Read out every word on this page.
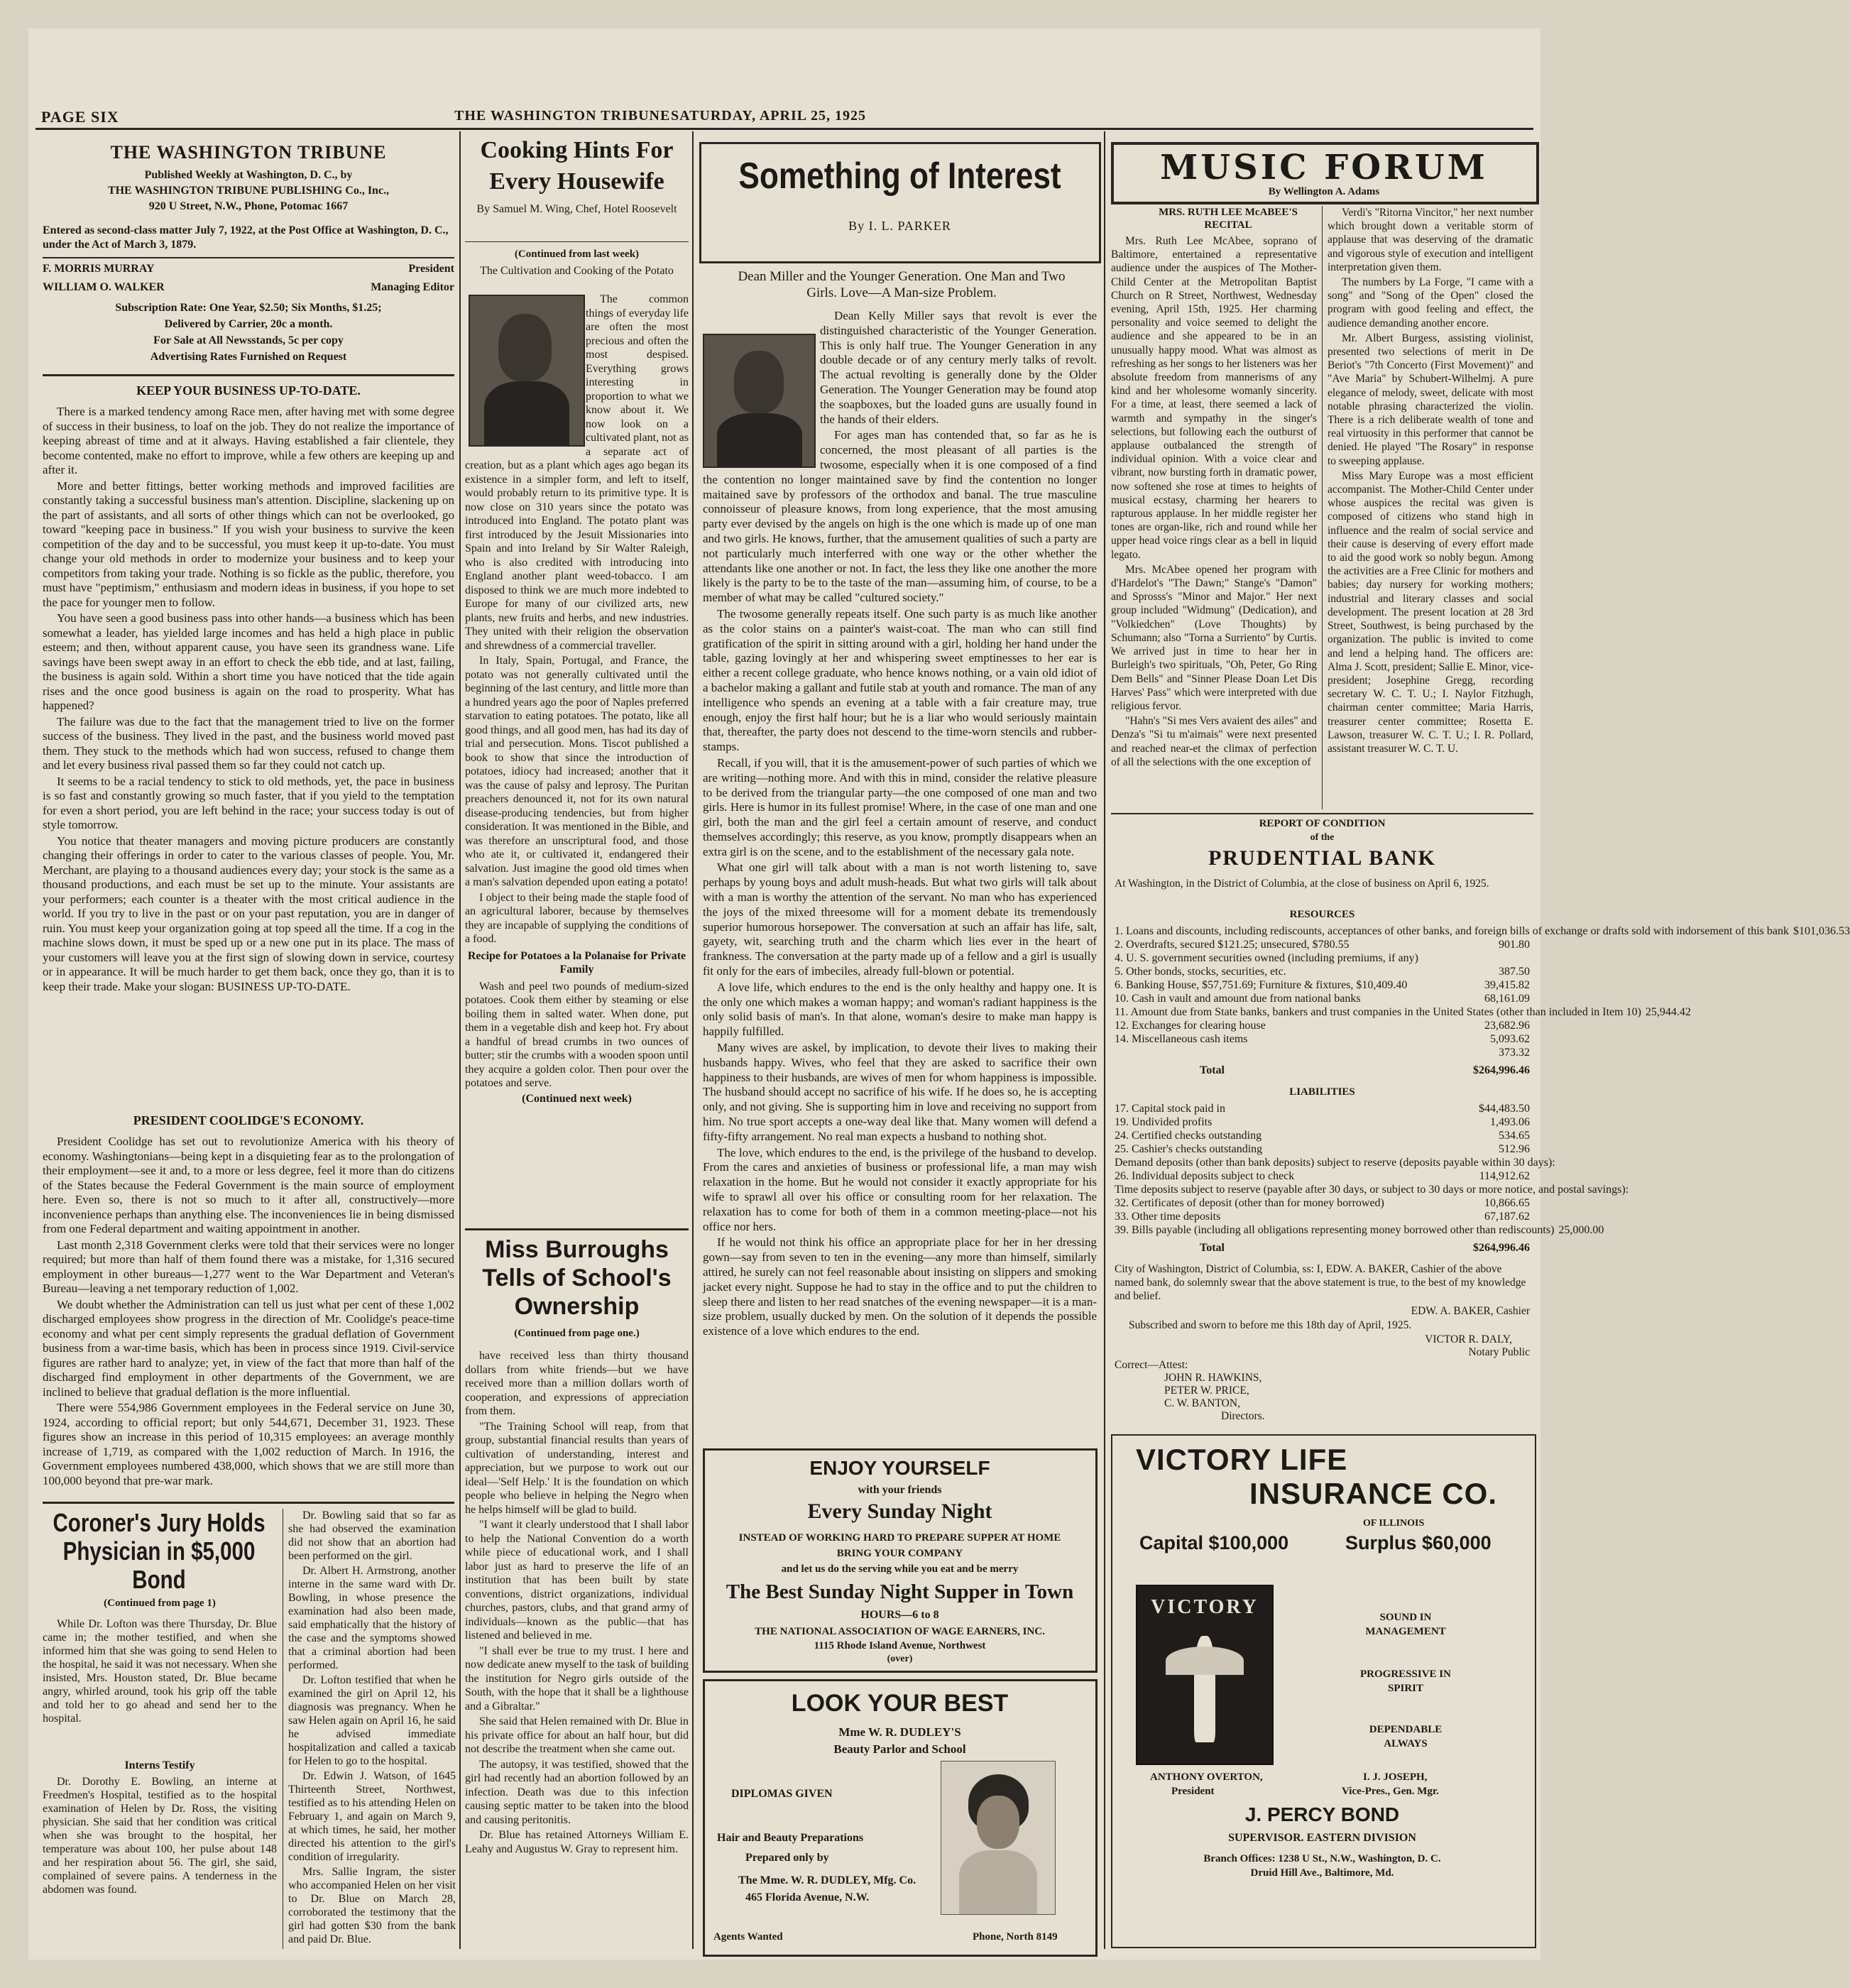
PAGE SIX	THE WASHINGTON TRIBUNE SATURDAY, APRIL 25, 1925
THE WASHINGTON TRIBUNE
Published Weekly at Washington, D. C., by
THE WASHINGTON TRIBUNE PUBLISHING Co., Inc.,
920 U Street, N.W., Phone, Potomac 1667
Entered as second-class matter July 7, 1922, at the Post Office at Washington, D. C., under the Act of March 3, 1879.
F. MORRIS MURRAY	President
WILLIAM O. WALKER	Managing Editor
Subscription Rate: One Year, $2.50; Six Months, $1.25;
Delivered by Carrier, 20c a month.
For Sale at All Newsstands, 5c per copy
Advertising Rates Furnished on Request
KEEP YOUR BUSINESS UP-TO-DATE.

There is a marked tendency among Race men, after having met with some degree of success in their business, to loaf on the job. They do not realize the importance of keeping abreast of time and at it always. Having established a fair clientele, they become contented, make no effort to improve, while a few others are keeping up and after it.

More and better fittings, better working methods and improved facilities are constantly taking a successful business man's attention. Discipline, slackening up on the part of assistants, and all sorts of other things which can not be overlooked, go toward "keeping pace in business." If you wish your business to survive the keen competition of the day and to be successful, you must keep it up-to-date. You must change your old methods in order to modernize your business and to keep your competitors from taking your trade. Nothing is so fickle as the public, therefore, you must have "peptimism," enthusiasm and modern ideas in business, if you hope to set the pace for younger men to follow.

You have seen a good business pass into other hands—a business which has been somewhat a leader, has yielded large incomes and has held a high place in public esteem; and then, without apparent cause, you have seen its grandness wane. Life savings have been swept away in an effort to check the ebb tide, and at last, failing, the business is again sold. Within a short time you have noticed that the tide again rises and the once good business is again on the road to prosperity. What has happened?

The failure was due to the fact that the management tried to live on the former success of the business. They lived in the past, and the business world moved past them. They stuck to the methods which had won success, refused to change them and let every business rival passed them so far they could not catch up.

It seems to be a racial tendency to stick to old methods, yet, the pace in business is so fast and constantly growing so much faster, that if you yield to the temptation for even a short period, you are left behind in the race; your success today is out of style tomorrow.

You notice that theater managers and moving picture producers are constantly changing their offerings in order to cater to the various classes of people. You, Mr. Merchant, are playing to a thousand audiences every day; your stock is the same as a thousand productions, and each must be set up to the minute. Your assistants are your performers; each counter is a theater with the most critical audience in the world. If you try to live in the past or on your past reputation, you are in danger of ruin. You must keep your organization going at top speed all the time. If a cog in the machine slows down, it must be sped up or a new one put in its place. The mass of your customers will leave you at the first sign of slowing down in service, courtesy or in appearance. It will be much harder to get them back, once they go, than it is to keep their trade. Make your slogan: BUSINESS UP-TO-DATE.

PRESIDENT COOLIDGE'S ECONOMY.

President Coolidge has set out to revolutionize America with his theory of economy. Washingtonians—being kept in a disquieting fear as to the prolongation of their employment—see it and, to a more or less degree, feel it more than do citizens of the States because the Federal Government is the main source of employment here. Even so, there is not so much to it after all, constructively—more inconvenience perhaps than anything else. The inconveniences lie in being dismissed from one Federal department and waiting appointment in another.

Last month 2,318 Government clerks were told that their services were no longer required; but more than half of them found there was a mistake, for 1,316 secured employment in other bureaus—1,277 went to the War Department and Veteran's Bureau—leaving a net temporary reduction of 1,002.

We doubt whether the Administration can tell us just what per cent of these 1,002 discharged employees show progress in the direction of Mr. Coolidge's peace-time economy and what per cent simply represents the gradual deflation of Government business from a war-time basis, which has been in process since 1919. Civil-service figures are rather hard to analyze; yet, in view of the fact that more than half of the discharged find employment in other departments of the Government, we are inclined to believe that gradual deflation is the more influential.

There were 554,986 Government employees in the Federal service on June 30, 1924, according to official report; but only 544,671, December 31, 1923. These figures show an increase in this period of 10,315 employees: an average monthly increase of 1,719, as compared with the 1,002 reduction of March. In 1916, the Government employees numbered 438,000, which shows that we are still more than 100,000 beyond that pre-war mark.

Coroner's Jury Holds Physician in $5,000 Bond
(Continued from page 1)

While Dr. Lofton was there Thursday, Dr. Blue came in; the mother testified, and when she informed him that she was going to send Helen to the hospital, he said it was not necessary. When she insisted, Mrs. Houston stated, Dr. Blue became angry, whirled around, took his grip off the table and told her to go ahead and send her to the hospital.

Interns Testify

Dr. Dorothy E. Bowling, an interne at Freedmen's Hospital, testified as to the hospital examination of Helen by Dr. Ross, the visiting physician. She said that her condition was critical when she was brought to the hospital, her temperature was about 100, her pulse about 148 and her respiration about 56. The girl, she said, complained of severe pains. A tenderness in the abdomen was found.

Dr. Bowling said that so far as she had observed the examination did not show that an abortion had been performed on the girl.

Dr. Albert H. Armstrong, another interne in the same ward with Dr. Bowling, in whose presence the examination had also been made, said emphatically that the history of the case and the symptoms showed that a criminal abortion had been performed.

Dr. Lofton testified that when he examined the girl on April 12, his diagnosis was pregnancy. When he saw Helen again on April 16, he said he advised immediate hospitalization and called a taxicab for Helen to go to the hospital.

Dr. Edwin J. Watson, of 1645 Thirteenth Street, Northwest, testified as to his attending Helen on February 1, and again on March 9, at which times, he said, her mother directed his attention to the girl's condition of irregularity.

Mrs. Sallie Ingram, the sister who accompanied Helen on her visit to Dr. Blue on March 28, corroborated the testimony that the girl had gotten $30 from the bank and paid Dr. Blue.

Cooking Hints For Every Housewife
By Samuel M. Wing, Chef, Hotel Roosevelt
(Continued from last week)
The Cultivation and Cooking of the Potato

The common things of everyday life are often the most precious and often the most despised. Everything grows interesting in proportion to what we know about it. We now look on a cultivated plant, not as a separate act of creation, but as a plant which ages ago began its existence in a simpler form, and left to itself, would probably return to its primitive type. It is now close on 310 years since the potato was introduced into England. The potato plant was first introduced by the Jesuit Missionaries into Spain and into Ireland by Sir Walter Raleigh, who is also credited with introducing into England another plant weed-tobacco. I am disposed to think we are much more indebted to Europe for many of our civilized arts, new plants, new fruits and herbs, and new industries. They united with their religion the observation and shrewdness of a commercial traveller.

In Italy, Spain, Portugal, and France, the potato was not generally cultivated until the beginning of the last century, and little more than a hundred years ago the poor of Naples preferred starvation to eating potatoes. The potato, like all good things, and all good men, has had its day of trial and persecution. Mons. Tiscot published a book to show that since the introduction of potatoes, idiocy had increased; another that it was the cause of palsy and leprosy. The Puritan preachers denounced it, not for its own natural disease-producing tendencies, but from higher consideration. It was mentioned in the Bible, and was therefore an unscriptural food, and those who ate it, or cultivated it, endangered their salvation. Just imagine the good old times when a man's salvation depended upon eating a potato!

I object to their being made the staple food of an agricultural laborer, because by themselves they are incapable of supplying the conditions of a food.

Recipe for Potatoes a la Polanaise for Private Family

Wash and peel two pounds of medium-sized potatoes. Cook them either by steaming or else boiling them in salted water. When done, put them in a vegetable dish and keep hot. Fry about a handful of bread crumbs in two ounces of butter; stir the crumbs with a wooden spoon until they acquire a golden color. Then pour over the potatoes and serve.

(Continued next week)
Miss Burroughs Tells of School's Ownership
(Continued from page one.)

have received less than thirty thousand dollars from white friends—but we have received more than a million dollars worth of cooperation, and expressions of appreciation from them.

"The Training School will reap, from that group, substantial financial results than years of cultivation of understanding, interest and appreciation, but we purpose to work out our ideal—'Self Help.' It is the foundation on which people who believe in helping the Negro when he helps himself will be glad to build.

"I want it clearly understood that I shall labor to help the National Convention do a worth while piece of educational work, and I shall labor just as hard to preserve the life of an institution that has been built by state conventions, district organizations, individual churches, pastors, clubs, and that grand army of individuals—known as the public—that has listened and believed in me.

"I shall ever be true to my trust. I here and now dedicate anew myself to the task of building the institution for Negro girls outside of the South, with the hope that it shall be a lighthouse and a Gibraltar."

She said that Helen remained with Dr. Blue in his private office for about an half hour, but did not describe the treatment when she came out.

The autopsy, it was testified, showed that the girl had recently had an abortion followed by an infection. Death was due to this infection causing septic matter to be taken into the blood and causing peritonitis.

Dr. Blue has retained Attorneys William E. Leahy and Augustus W. Gray to represent him.

Something of Interest
By I. L. PARKER
Dean Miller and the Younger Generation. One Man and Two Girls. Love—A Man-size Problem.

Dean Kelly Miller says that revolt is ever the distinguished characteristic of the Younger Generation. This is only half true. The Younger Generation in any double decade or of any century merly talks of revolt. The actual revolting is generally done by the Older Generation. The Younger Generation may be found atop the soapboxes, but the loaded guns are usually found in the hands of their elders.

For ages man has contended that, so far as he is concerned, the most pleasant of all parties is the twosome, especially when it is one composed of a find the contention no longer maintained save by find the contention no longer maitained save by professors of the orthodox and banal. The true masculine connoisseur of pleasure knows, from long experience, that the most amusing party ever devised by the angels on high is the one which is made up of one man and two girls. He knows, further, that the amusement qualities of such a party are not particularly much interferred with one way or the other whether the attendants like one another or not. In fact, the less they like one another the more likely is the party to be to the taste of the man—assuming him, of course, to be a member of what may be called "cultured society."

The twosome generally repeats itself. One such party is as much like another as the color stains on a painter's waist-coat. The man who can still find gratification of the spirit in sitting around with a girl, holding her hand under the table, gazing lovingly at her and whispering sweet emptinesses to her ear is either a recent college graduate, who hence knows nothing, or a vain old idiot of a bachelor making a gallant and futile stab at youth and romance. The man of any intelligence who spends an evening at a table with a fair creature may, true enough, enjoy the first half hour; but he is a liar who would seriously maintain that, thereafter, the party does not descend to the time-worn stencils and rubber-stamps.

Recall, if you will, that it is the amusement-power of such parties of which we are writing—nothing more. And with this in mind, consider the relative pleasure to be derived from the triangular party—the one composed of one man and two girls. Here is humor in its fullest promise! Where, in the case of one man and one girl, both the man and the girl feel a certain amount of reserve, and conduct themselves accordingly; this reserve, as you know, promptly disappears when an extra girl is on the scene, and to the establishment of the necessary gala note.

What one girl will talk about with a man is not worth listening to, save perhaps by young boys and adult mush-heads. But what two girls will talk about with a man is worthy the attention of the servant. No man who has experienced the joys of the mixed threesome will for a moment debate its tremendously superior humorous horsepower. The conversation at such an affair has life, salt, gayety, wit, searching truth and the charm which lies ever in the heart of frankness. The conversation at the party made up of a fellow and a girl is usually fit only for the ears of imbeciles, already full-blown or potential.

A love life, which endures to the end is the only healthy and happy one. It is the only one which makes a woman happy; and woman's radiant happiness is the only solid basis of man's. In that alone, woman's desire to make man happy is happily fulfilled.

Many wives are askel, by implication, to devote their lives to making their husbands happy. Wives, who feel that they are asked to sacrifice their own happiness to their husbands, are wives of men for whom happiness is impossible. The husband should accept no sacrifice of his wife. If he does so, he is accepting only, and not giving. She is supporting him in love and receiving no support from him. No true sport accepts a one-way deal like that. Many women will defend a fifty-fifty arrangement. No real man expects a husband to nothing shot.

The love, which endures to the end, is the privilege of the husband to develop. From the cares and anxieties of business or professional life, a man may wish relaxation in the home. But he would not consider it exactly appropriate for his wife to sprawl all over his office or consulting room for her relaxation. The relaxation has to come for both of them in a common meeting-place—not his office nor hers.

If he would not think his office an appropriate place for her in her dressing gown—say from seven to ten in the evening—any more than himself, similarly attired, he surely can not feel reasonable about insisting on slippers and smoking jacket every night. Suppose he had to stay in the office and to put the children to sleep there and listen to her read snatches of the evening newspaper—it is a man-size problem, usually ducked by men. On the solution of it depends the possible existence of a love which endures to the end.

ENJOY YOURSELF
with your friends
Every Sunday Night
INSTEAD OF WORKING HARD TO PREPARE SUPPER AT HOME
BRING YOUR COMPANY
and let us do the serving while you eat and be merry
The Best Sunday Night Supper in Town
HOURS—6 to 8
THE NATIONAL ASSOCIATION OF WAGE EARNERS, INC.
1115 Rhode Island Avenue, Northwest
(over)
LOOK YOUR BEST
Mme W. R. DUDLEY'S
Beauty Parlor and School
DIPLOMAS GIVEN
Hair and Beauty Preparations
Prepared only by
The Mme. W. R. DUDLEY, Mfg. Co.
465 Florida Avenue, N.W.
Agents Wanted	Phone, North 8149
MUSIC FORUM
By Wellington A. Adams
MRS. RUTH LEE McABEE'S RECITAL

Mrs. Ruth Lee McAbee, soprano of Baltimore, entertained a representative audience under the auspices of The Mother-Child Center at the Metropolitan Baptist Church on R Street, Northwest, Wednesday evening, April 15th, 1925. Her charming personality and voice seemed to delight the audience and she appeared to be in an unusually happy mood. What was almost as refreshing as her songs to her listeners was her absolute freedom from mannerisms of any kind and her wholesome womanly sincerity. For a time, at least, there seemed a lack of warmth and sympathy in the singer's selections, but following each the outburst of applause outbalanced the strength of individual opinion. With a voice clear and vibrant, now bursting forth in dramatic power, now softened she rose at times to heights of musical ecstasy, charming her hearers to rapturous applause. In her middle register her tones are organ-like, rich and round while her upper head voice rings clear as a bell in liquid legato.

Mrs. McAbee opened her program with d'Hardelot's "The Dawn;" Stange's "Damon" and Sprosss's "Minor and Major." Her next group included "Widmung" (Dedication), and "Volkiedchen" (Love Thoughts) by Schumann; also "Torna a Surriento" by Curtis. We arrived just in time to hear her in Burleigh's two spirituals, "Oh, Peter, Go Ring Dem Bells" and "Sinner Please Doan Let Dis Harves' Pass" which were interpreted with due religious fervor.

"Hahn's "Si mes Vers avaient des ailes" and Denza's "Si tu m'aimais" were next presented and reached near-et the climax of perfection of all the selections with the one exception of

Verdi's "Ritorna Vincitor," her next number which brought down a veritable storm of applause that was deserving of the dramatic and vigorous style of execution and intelligent interpretation given them.

The numbers by La Forge, "I came with a song" and "Song of the Open" closed the program with good feeling and effect, the audience demanding another encore.

Mr. Albert Burgess, assisting violinist, presented two selections of merit in De Beriot's "7th Concerto (First Movement)" and "Ave Maria" by Schubert-Wilhelmj. A pure elegance of melody, sweet, delicate with most notable phrasing characterized the violin. There is a rich deliberate wealth of tone and real virtuosity in this performer that cannot be denied. He played "The Rosary" in response to sweeping applause.

Miss Mary Europe was a most efficient accompanist. The Mother-Child Center under whose auspices the recital was given is composed of citizens who stand high in influence and the realm of social service and their cause is deserving of every effort made to aid the good work so nobly begun. Among the activities are a Free Clinic for mothers and babies; day nursery for working mothers; industrial and literary classes and social development. The present location at 28 3rd Street, Southwest, is being purchased by the organization. The public is invited to come and lend a helping hand. The officers are: Alma J. Scott, president; Sallie E. Minor, vice-president; Josephine Gregg, recording secretary W. C. T. U.; I. Naylor Fitzhugh, chairman center committee; Maria Harris, treasurer center committee; Rosetta E. Lawson, treasurer W. C. T. U.; I. R. Pollard, assistant treasurer W. C. T. U.

REPORT OF CONDITION
of the
PRUDENTIAL BANK
At Washington, in the District of Columbia, at the close of business on April 6, 1925.
RESOURCES
1. Loans and discounts, including rediscounts, acceptances of other banks, and foreign bills of exchange or drafts sold with indorsement of this bank $101,036.53
2. Overdrafts, secured $121.25; unsecured, $780.55	901.80
4. U. S. government securities owned (including premiums, if any)
5. Other bonds, stocks, securities, etc.	387.50
6. Banking House, $57,751.69; Furniture & fixtures, $10,409.40	39,415.82
10. Cash in vault and amount due from national banks	68,161.09
11. Amount due from State banks, bankers and trust companies in the United States (other than included in Item 10) 25,944.42
12. Exchanges for clearing house	23,682.96
14. Miscellaneous cash items	5,093.62
373.32
Total	$264,996.46
LIABILITIES
17. Capital stock paid in	$44,483.50
19. Undivided profits	1,493.06
24. Certified checks outstanding	534.65
25. Cashier's checks outstanding	512.96
Demand deposits (other than bank deposits) subject to reserve (deposits payable within 30 days):
26. Individual deposits subject to check	114,912.62
Time deposits subject to reserve (payable after 30 days, or subject to 30 days or more notice, and postal savings):
32. Certificates of deposit (other than for money borrowed)	10,866.65
33. Other time deposits	67,187.62
39. Bills payable (including all obligations representing money borrowed other than rediscounts) 25,000.00
Total	$264,996.46
City of Washington, District of Columbia, ss: I, EDW. A. BAKER, Cashier of the above named bank, do solemnly swear that the above statement is true, to the best of my knowledge and belief.
EDW. A. BAKER, Cashier
Subscribed and sworn to before me this 18th day of April, 1925.
VICTOR R. DALY,
Notary Public
Correct—Attest:
JOHN R. HAWKINS,
PETER W. PRICE,
C. W. BANTON,
Directors.
VICTORY LIFE
INSURANCE CO.
OF ILLINOIS
Capital $100,000	Surplus $60,000
VICTORY	SOUND IN
MANAGEMENT
PROGRESSIVE IN
SPIRIT
DEPENDABLE
ALWAYS
ANTHONY OVERTON,
President
I. J. JOSEPH,
Vice-Pres., Gen. Mgr.
J. PERCY BOND
SUPERVISOR. EASTERN DIVISION
Branch Offices: 1238 U St., N.W., Washington, D. C.
Druid Hill Ave., Baltimore, Md.
